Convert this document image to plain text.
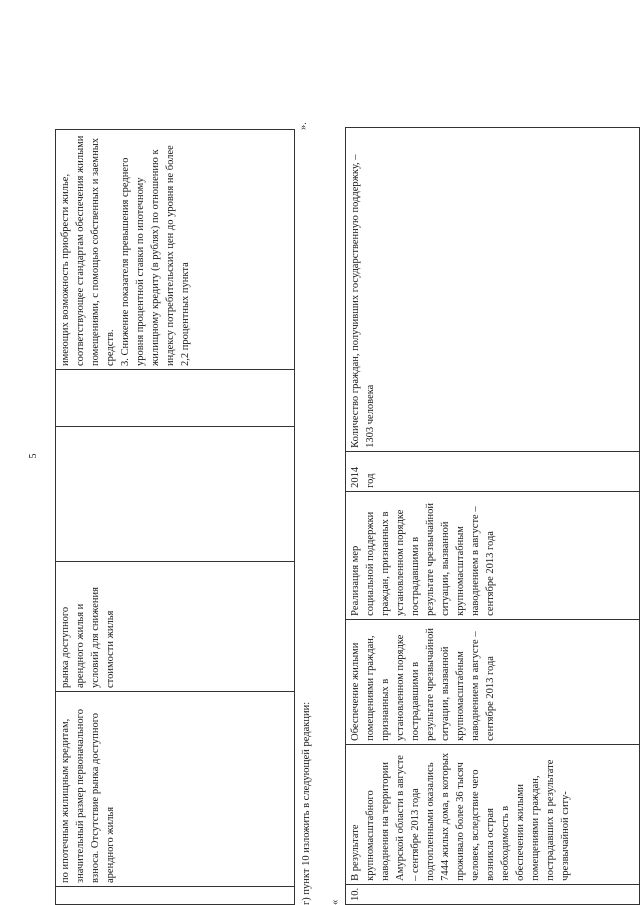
5
	по ипотечным жилищным кредитам, значительный размер первоначального взноса. Отсутствие рынка доступного арендного жилья	рынка доступного арендного жилья и условий для снижения стоимости жилья			имеющих возможность приобрести жилье, соответствующее стандартам обеспечения жилыми помещениями, с помощью собственных и заемных средств.
3. Снижение показателя превышения среднего уровня процентной ставки по ипотечному жилищному кредиту (в рублях) по отношению к индексу потребительских цен до уровня не более 2,2 процентных пункта
».
г) пункт 10 изложить в следующей редакции: «
10.	В результате крупномасштабного наводнения на территории Амурской области в августе – сентябре 2013 года подтопленными оказались 7444 жилых дома, в которых проживало более 36 тысяч человек, вследствие чего возникла острая необходимость в обеспечении жилыми помещениями граждан, пострадавших в результате чрезвычайной ситу-	Обеспечение жилыми помещениями граждан, признанных в установленном порядке пострадавшими в результате чрезвычайной ситуации, вызванной крупномасштабным наводнением в августе – сентябре 2013 года	Реализация мер социальной поддержки граждан, признанных в установленном порядке пострадавшими в результате чрезвычайной ситуации, вызванной крупномасштабным наводнением в августе – сентябре 2013 года	2014 год	Количество граждан, получивших государственную поддержку, – 1303 человека
